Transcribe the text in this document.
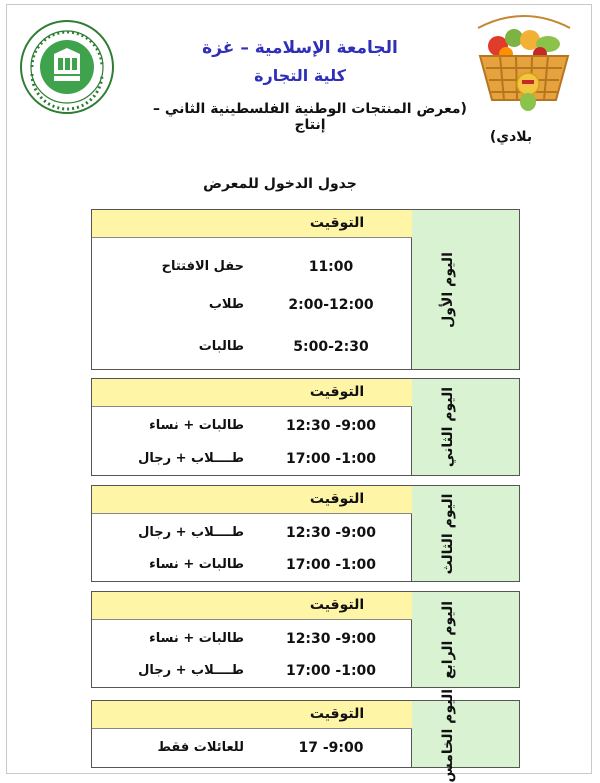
الجامعة الإسلامية – غزة
كلية التجارة
(معرض المنتجات الوطنية الفلسطينية الثاني – إنتاج
بلادي)
جدول الدخول للمعرض
اليوم الأول
التوقيت
11:00
حفل الافتتاح
2:00-12:00
طلاب
5:00-2:30
طالبات
اليوم الثاني
التوقيت
12:30 -9:00
طالبات + نساء
17:00 -1:00
طــــلاب + رجال
اليوم الثالث
التوقيت
12:30 -9:00
طــــلاب + رجال
17:00 -1:00
طالبات + نساء
اليوم الرابع
التوقيت
12:30 -9:00
طالبات + نساء
17:00 -1:00
طــــلاب + رجال
اليوم الخامس
التوقيت
17 -9:00
للعائلات فقط
